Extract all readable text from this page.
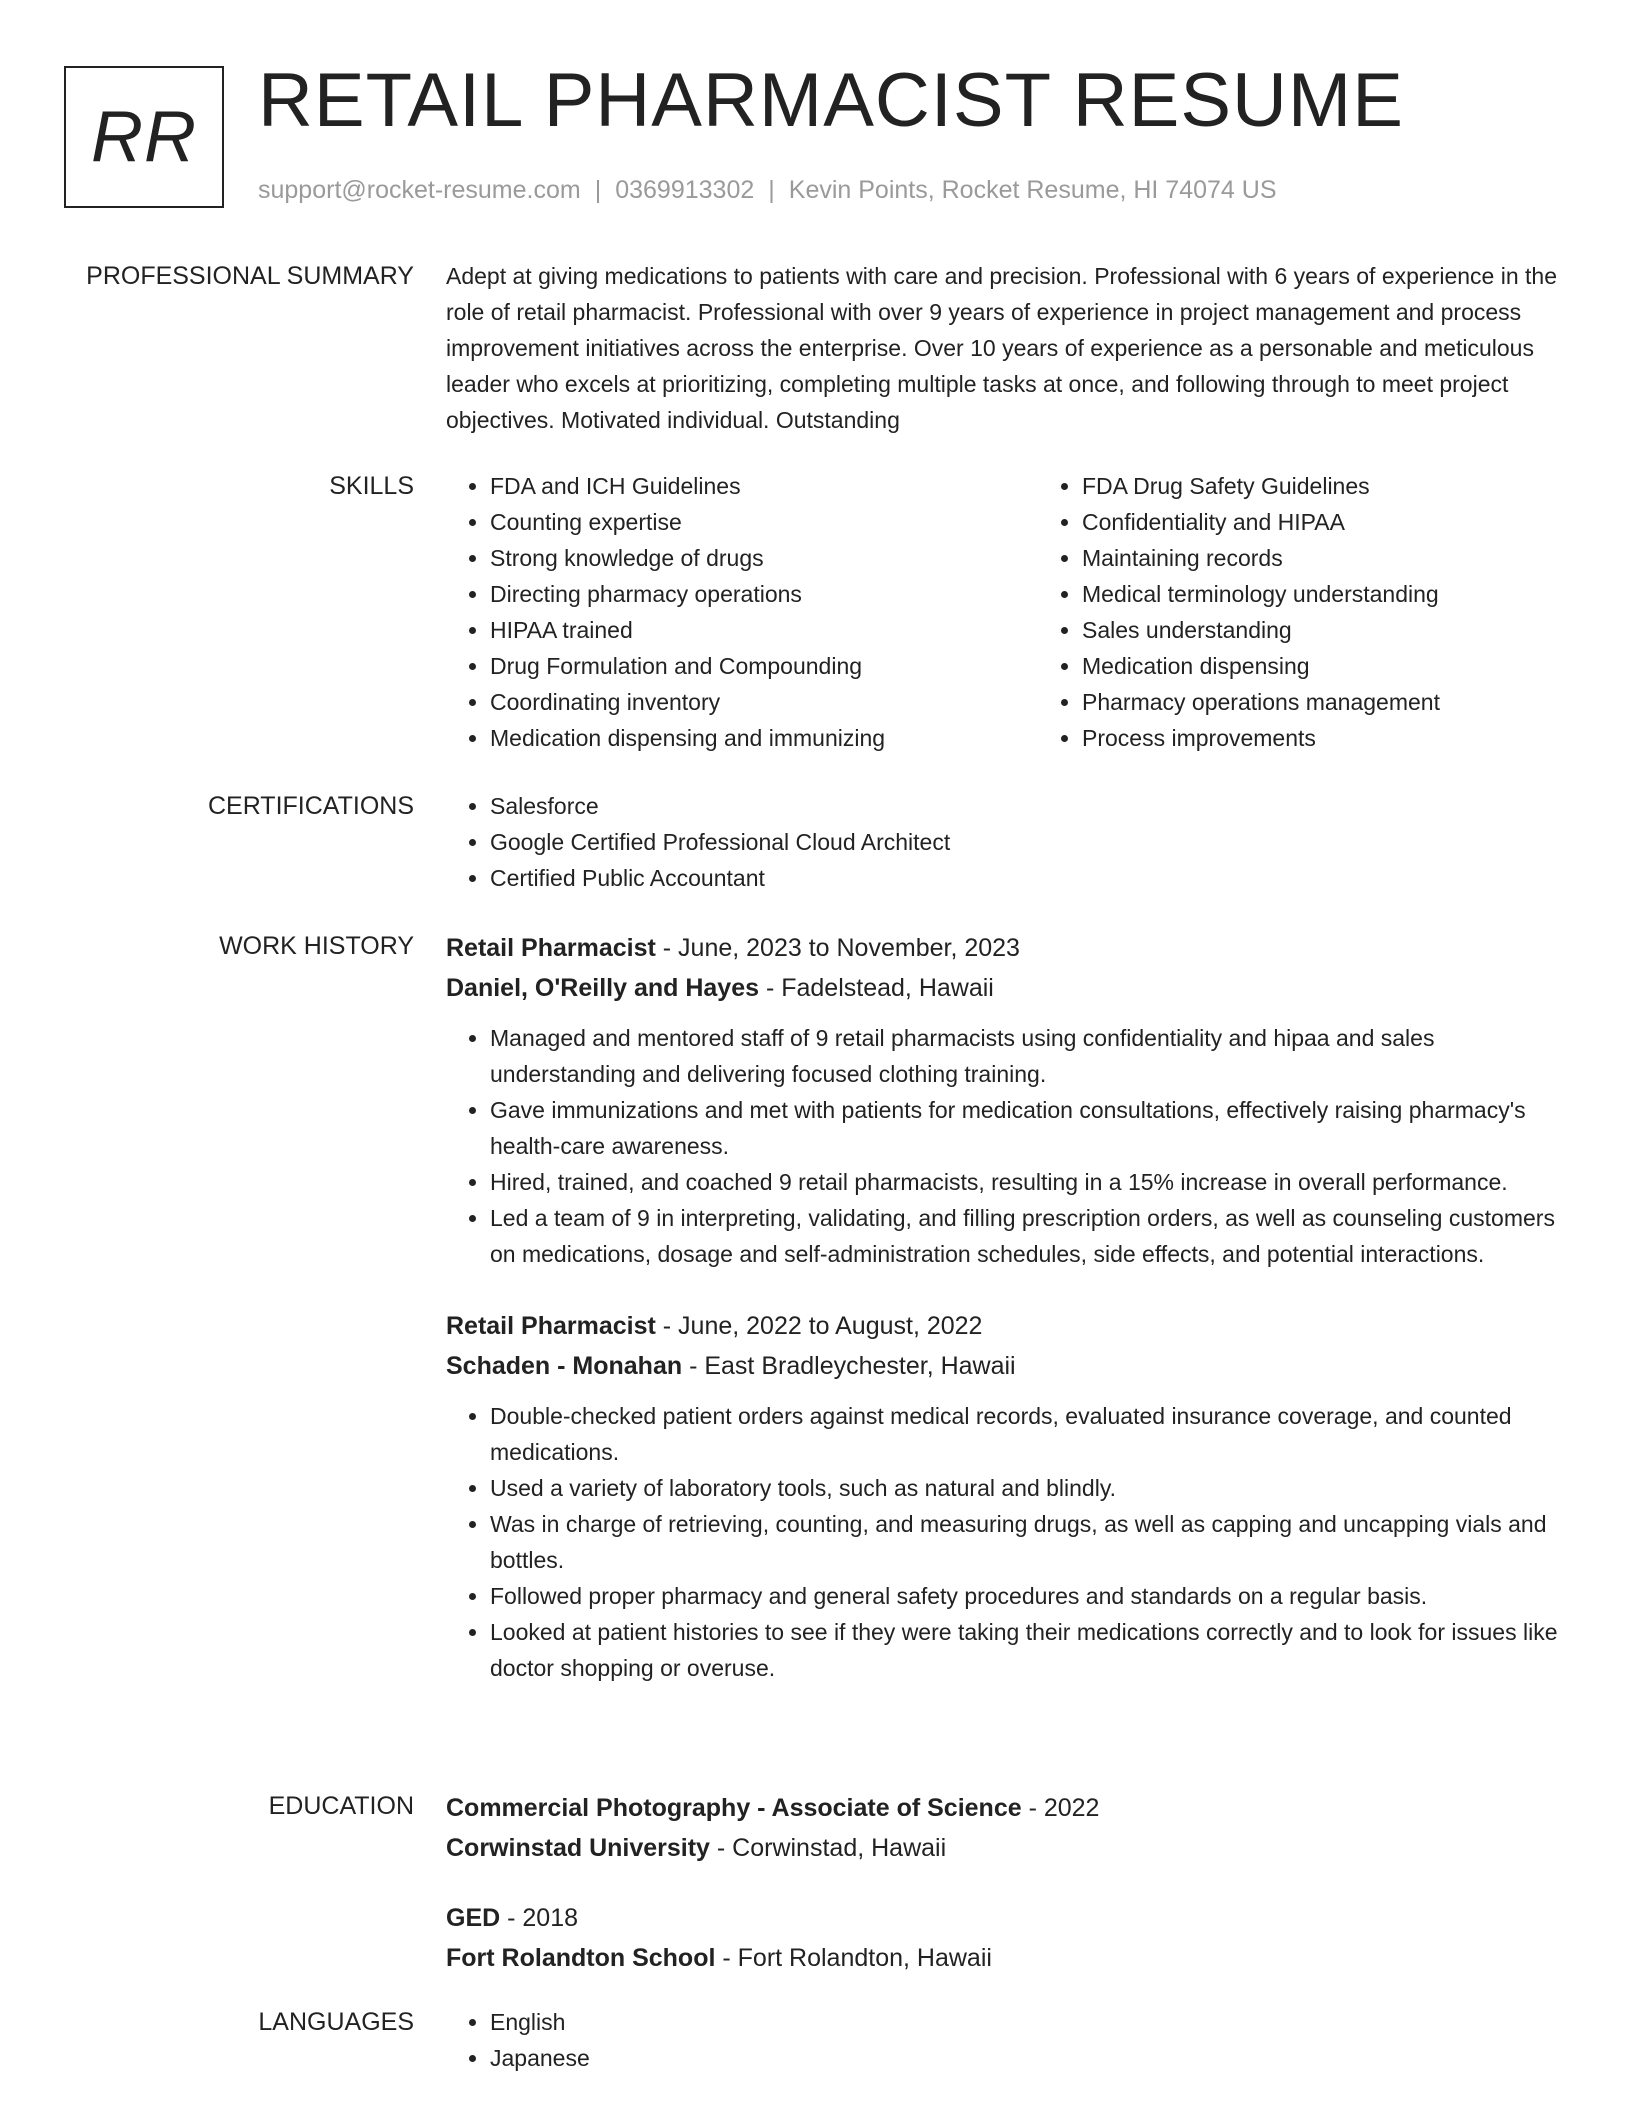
RR RETAIL PHARMACIST RESUME
support@rocket-resume.com | 0369913302 | Kevin Points, Rocket Resume, HI 74074 US
PROFESSIONAL SUMMARY Adept at giving medications to patients with care and precision. Professional with 6 years of experience in the role of retail pharmacist. Professional with over 9 years of experience in project management and process improvement initiatives across the enterprise. Over 10 years of experience as a personable and meticulous leader who excels at prioritizing, completing multiple tasks at once, and following through to meet project objectives. Motivated individual. Outstanding

SKILLS	• FDA and ICH Guidelines
• Counting expertise
• Strong knowledge of drugs
• Directing pharmacy operations
• HIPAA trained
• Drug Formulation and Compounding
• Coordinating inventory
• Medication dispensing and immunizing
• FDA Drug Safety Guidelines
• Confidentiality and HIPAA
• Maintaining records
• Medical terminology understanding
• Sales understanding
• Medication dispensing
• Pharmacy operations management
• Process improvements
CERTIFICATIONS	• Salesforce
• Google Certified Professional Cloud Architect
• Certified Public Accountant
WORK HISTORY Retail Pharmacist - June, 2023 to November, 2023
Daniel, O'Reilly and Hayes - Fadelstead, Hawaii
• Managed and mentored staff of 9 retail pharmacists using confidentiality and hipaa and sales understanding and delivering focused clothing training.
• Gave immunizations and met with patients for medication consultations, effectively raising pharmacy's health-care awareness.
• Hired, trained, and coached 9 retail pharmacists, resulting in a 15% increase in overall performance.
• Led a team of 9 in interpreting, validating, and filling prescription orders, as well as counseling customers on medications, dosage and self-administration schedules, side effects, and potential interactions.
Retail Pharmacist - June, 2022 to August, 2022
Schaden - Monahan - East Bradleychester, Hawaii
• Double-checked patient orders against medical records, evaluated insurance coverage, and counted medications.
• Used a variety of laboratory tools, such as natural and blindly.
• Was in charge of retrieving, counting, and measuring drugs, as well as capping and uncapping vials and bottles.
• Followed proper pharmacy and general safety procedures and standards on a regular basis.
• Looked at patient histories to see if they were taking their medications correctly and to look for issues like doctor shopping or overuse.
EDUCATION Commercial Photography - Associate of Science - 2022
Corwinstad University - Corwinstad, Hawaii
GED - 2018
Fort Rolandton School - Fort Rolandton, Hawaii
LANGUAGES	• English
• Japanese
